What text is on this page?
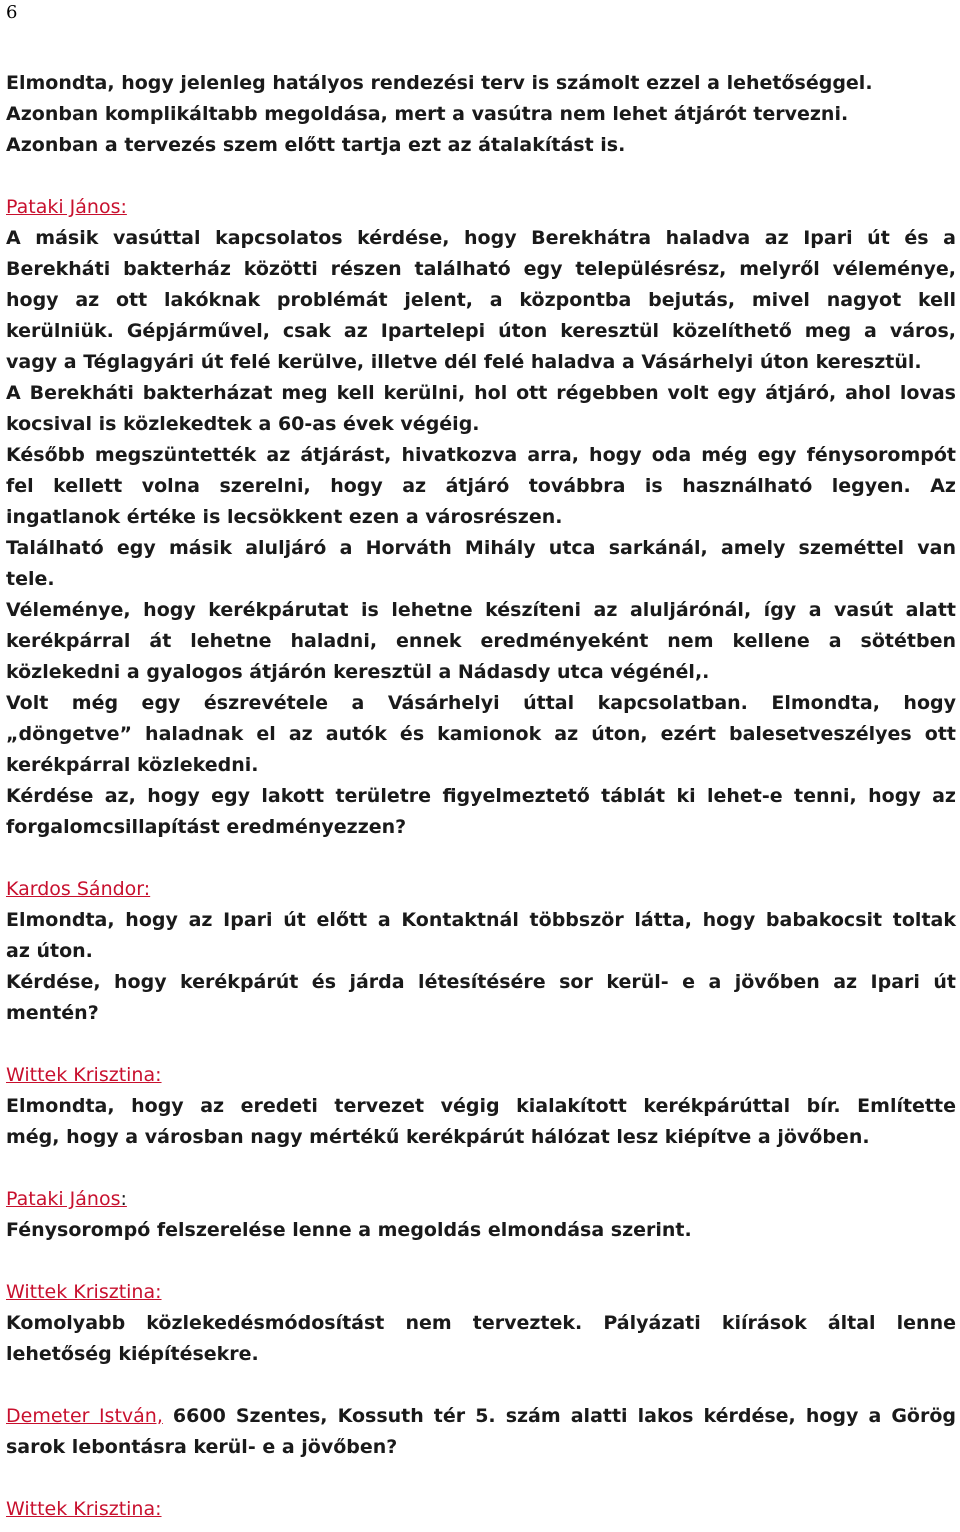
6
Elmondta, hogy jelenleg hatályos rendezési terv is számolt ezzel a lehetőséggel.
Azonban komplikáltabb megoldása, mert a vasútra nem lehet átjárót tervezni.
Azonban a tervezés szem előtt tartja ezt az átalakítást is.
Pataki János:
A másik vasúttal kapcsolatos kérdése, hogy Berekhátra haladva az Ipari út és a
Berekháti bakterház közötti részen található egy településrész, melyről véleménye,
hogy az ott lakóknak problémát jelent, a központba bejutás, mivel nagyot kell
kerülniük. Gépjárművel, csak az Ipartelepi úton keresztül közelíthető meg a város,
vagy a Téglagyári út felé kerülve, illetve dél felé haladva a Vásárhelyi úton keresztül.
A Berekháti bakterházat meg kell kerülni, hol ott régebben volt egy átjáró, ahol lovas
kocsival is közlekedtek a 60-as évek végéig.
Később megszüntették az átjárást, hivatkozva arra, hogy oda még egy fénysorompót
fel kellett volna szerelni, hogy az átjáró továbbra is használható legyen. Az
ingatlanok értéke is lecsökkent ezen a városrészen.
Található egy másik aluljáró a Horváth Mihály utca sarkánál, amely szeméttel van
tele.
Véleménye, hogy kerékpárutat is lehetne készíteni az aluljárónál, így a vasút alatt
kerékpárral át lehetne haladni, ennek eredményeként nem kellene a sötétben
közlekedni a gyalogos átjárón keresztül a Nádasdy utca végénél,.
Volt még egy észrevétele a Vásárhelyi úttal kapcsolatban. Elmondta, hogy
„döngetve” haladnak el az autók és kamionok az úton, ezért balesetveszélyes ott
kerékpárral közlekedni.
Kérdése az, hogy egy lakott területre figyelmeztető táblát ki lehet-e tenni, hogy az
forgalomcsillapítást eredményezzen?
Kardos Sándor:
Elmondta, hogy az Ipari út előtt a Kontaktnál többször látta, hogy babakocsit toltak
az úton.
Kérdése, hogy kerékpárút és járda létesítésére sor kerül- e a jövőben az Ipari út
mentén?
Wittek Krisztina:
Elmondta, hogy az eredeti tervezet végig kialakított kerékpárúttal bír. Említette
még, hogy a városban nagy mértékű kerékpárút hálózat lesz kiépítve a jövőben.
Pataki János:
Fénysorompó felszerelése lenne a megoldás elmondása szerint.
Wittek Krisztina:
Komolyabb közlekedésmódosítást nem terveztek. Pályázati kiírások által lenne
lehetőség kiépítésekre.
Demeter István, 6600 Szentes, Kossuth tér 5. szám alatti lakos kérdése, hogy a Görög
sarok lebontásra kerül- e a jövőben?
Wittek Krisztina:
